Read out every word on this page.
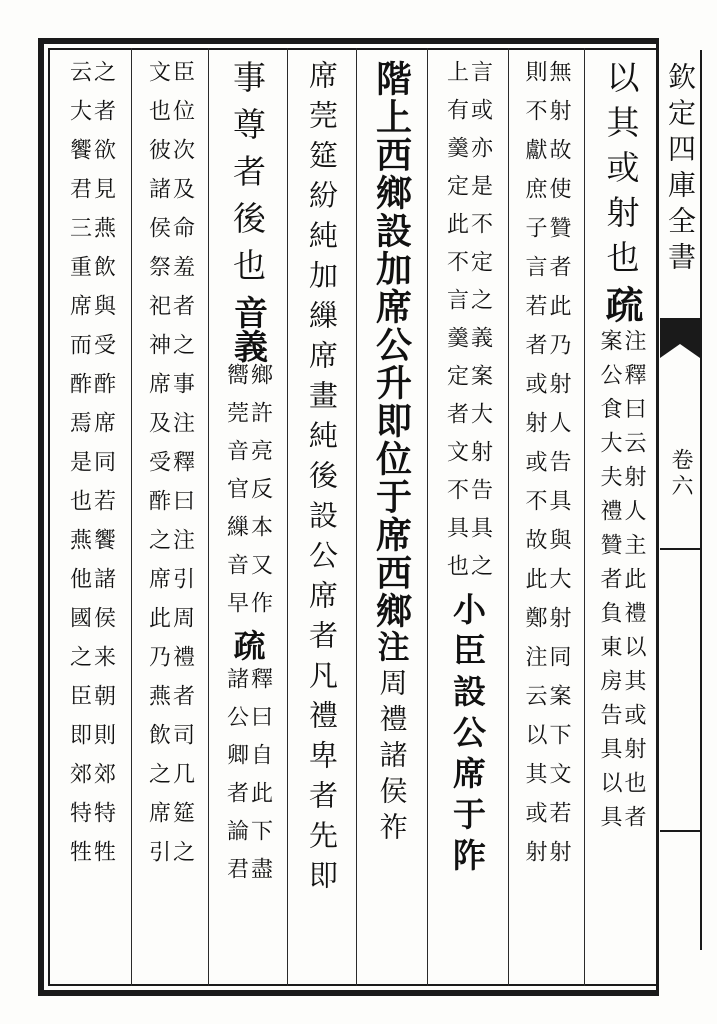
欽定四庫全書
卷六
以其或射也
疏
注釋曰云射人主此禮以其或射也者
案公食大夫禮贊者負東房告具以具
無射故使贊者此乃射人告具與大射同案下文若射
則不獻庶子言若者或射或不故此鄭注云以其或射
言或亦是不定之義案大射告具之
上有羹定此不言羹定者文不具也
小臣設公席于阼
階上西鄉設加席公升即位于席西鄉
注
周禮諸侯祚
席莞筵紛純加繅席畫純後設公席者凡禮卑者先即
事尊者後也
音義
鄉許亮反本又作
嚮莞音官繅音早
疏
釋曰自此下盡
諸公卿者論君
臣位次及命羞者之事注釋曰注引周禮者司几筵之
文也彼諸侯祭祀神席及受酢之席此乃燕飲之席引
之者欲見燕飲與受酢席同若饗諸侯来朝則郊特牲
云大饗君三重席而酢焉是也燕他國之臣即郊特牲
